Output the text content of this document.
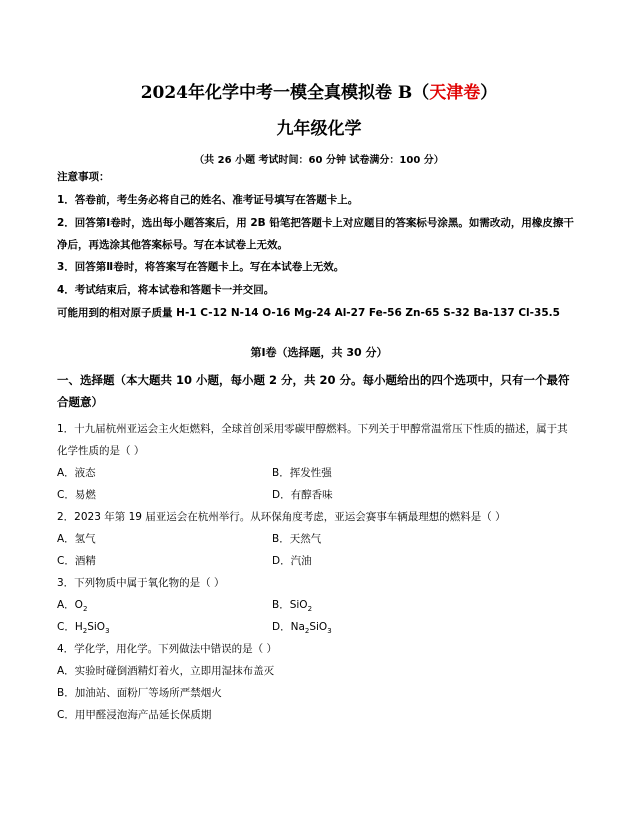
2024年化学中考一模全真模拟卷 B（天津卷）
九年级化学
（共 26 小题 考试时间：60 分钟 试卷满分：100 分）
注意事项：
1．答卷前，考生务必将自己的姓名、准考证号填写在答题卡上。
2．回答第Ⅰ卷时，选出每小题答案后，用 2B 铅笔把答题卡上对应题目的答案标号涂黑。如需改动，用橡皮擦干净后，再选涂其他答案标号。写在本试卷上无效。
3．回答第Ⅱ卷时，将答案写在答题卡上。写在本试卷上无效。
4．考试结束后，将本试卷和答题卡一并交回。
可能用到的相对原子质量 H-1 C-12 N-14 O-16 Mg-24 Al-27 Fe-56 Zn-65 S-32 Ba-137 Cl-35.5
第Ⅰ卷（选择题，共 30 分）
一、选择题（本大题共 10 小题，每小题 2 分，共 20 分。每小题给出的四个选项中，只有一个最符合题意）
1．十九届杭州亚运会主火炬燃料，全球首创采用零碳甲醇燃料。下列关于甲醇常温常压下性质的描述，属于其化学性质的是（ ）
A．液态	B．挥发性强
C．易燃	D．有醇香味
2．2023 年第 19 届亚运会在杭州举行。从环保角度考虑，亚运会赛事车辆最理想的燃料是（ ）
A．氢气	B．天然气
C．酒精	D．汽油
3．下列物质中属于氧化物的是（ ）
A．$O_2$	B．SiO$_2$
C．$H_2SiO_3$	D．$Na_2SiO_3$
4．学化学，用化学。下列做法中错误的是（ ）
A．实验时碰倒酒精灯着火，立即用湿抹布盖灭
B．加油站、面粉厂等场所严禁烟火
C．用甲醛浸泡海产品延长保质期
